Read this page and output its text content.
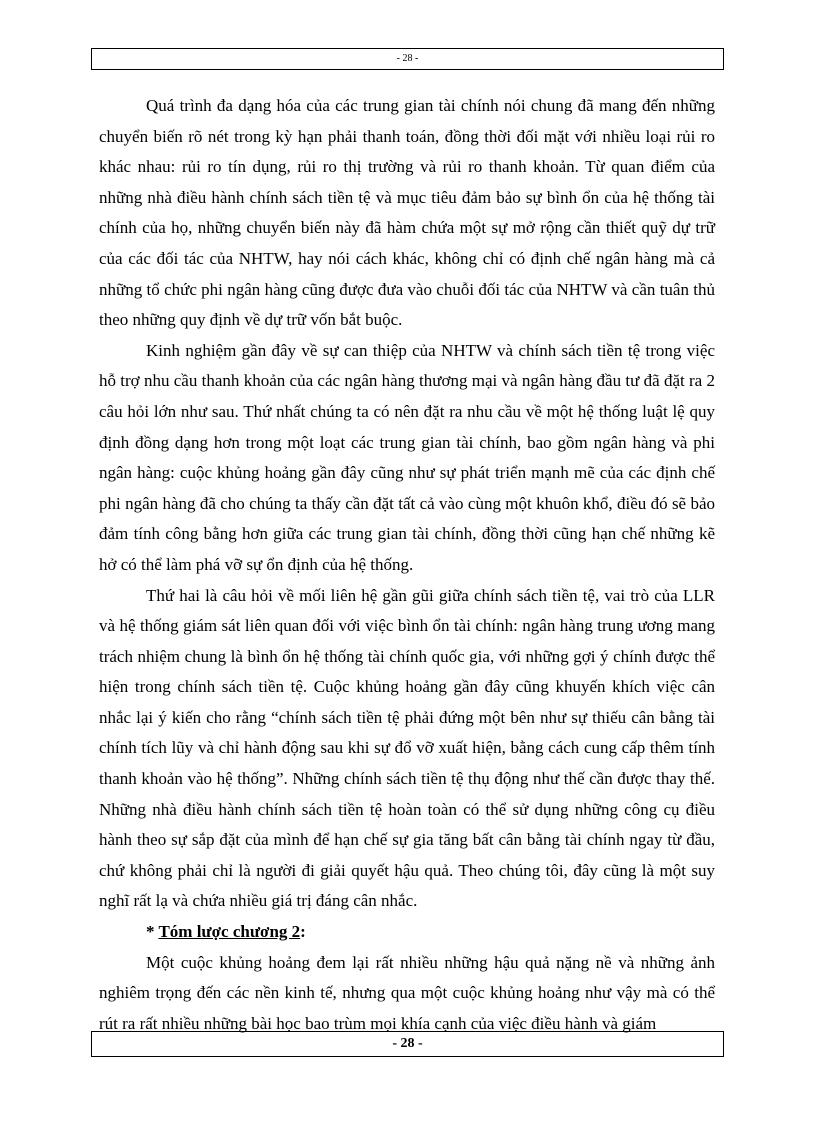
- 28 -

Quá trình đa dạng hóa của các trung gian tài chính nói chung đã mang đến những chuyển biến rõ nét trong kỳ hạn phải thanh toán, đồng thời đối mặt với nhiều loại rủi ro khác nhau: rủi ro tín dụng, rủi ro thị trường và rủi ro thanh khoản. Từ quan điểm của những nhà điều hành chính sách tiền tệ và mục tiêu đảm bảo sự bình ổn của hệ thống tài chính của họ, những chuyển biến này đã hàm chứa một sự mở rộng cần thiết quỹ dự trữ của các đối tác của NHTW, hay nói cách khác, không chỉ có định chế ngân hàng mà cả những tổ chức phi ngân hàng cũng được đưa vào chuỗi đối tác của NHTW và cần tuân thủ theo những quy định về dự trữ vốn bắt buộc.

Kinh nghiệm gần đây về sự can thiệp của NHTW và chính sách tiền tệ trong việc hỗ trợ nhu cầu thanh khoản của các ngân hàng thương mại và ngân hàng đầu tư đã đặt ra 2 câu hỏi lớn như sau. Thứ nhất chúng ta có nên đặt ra nhu cầu về một hệ thống luật lệ quy định đồng dạng hơn trong một loạt các trung gian tài chính, bao gồm ngân hàng và phi ngân hàng: cuộc khủng hoảng gần đây cũng như sự phát triển mạnh mẽ của các định chế phi ngân hàng đã cho chúng ta thấy cần đặt tất cả vào cùng một khuôn khổ, điều đó sẽ bảo đảm tính công bằng hơn giữa các trung gian tài chính, đồng thời cũng hạn chế những kẽ hở có thể làm phá vỡ sự ổn định của hệ thống.

Thứ hai là câu hỏi về mối liên hệ gần gũi giữa chính sách tiền tệ, vai trò của LLR và hệ thống giám sát liên quan đối với việc bình ổn tài chính: ngân hàng trung ương mang trách nhiệm chung là bình ổn hệ thống tài chính quốc gia, với những gợi ý chính được thể hiện trong chính sách tiền tệ. Cuộc khủng hoảng gần đây cũng khuyến khích việc cân nhắc lại ý kiến cho rằng “chính sách tiền tệ phải đứng một bên như sự thiếu cân bằng tài chính tích lũy và chỉ hành động sau khi sự đổ vỡ xuất hiện, bằng cách cung cấp thêm tính thanh khoản vào hệ thống”. Những chính sách tiền tệ thụ động như thế cần được thay thế. Những nhà điều hành chính sách tiền tệ hoàn toàn có thể sử dụng những công cụ điều hành theo sự sắp đặt của mình để hạn chế sự gia tăng bất cân bằng tài chính ngay từ đầu, chứ không phải chỉ là người đi giải quyết hậu quả. Theo chúng tôi, đây cũng là một suy nghĩ rất lạ và chứa nhiều giá trị đáng cân nhắc.

* Tóm lược chương 2:

Một cuộc khủng hoảng đem lại rất nhiều những hậu quả nặng nề và những ảnh nghiêm trọng đến các nền kinh tế, nhưng qua một cuộc khủng hoảng như vậy mà có thể rút ra rất nhiều những bài học bao trùm mọi khía cạnh của việc điều hành và giám

- 28 -
